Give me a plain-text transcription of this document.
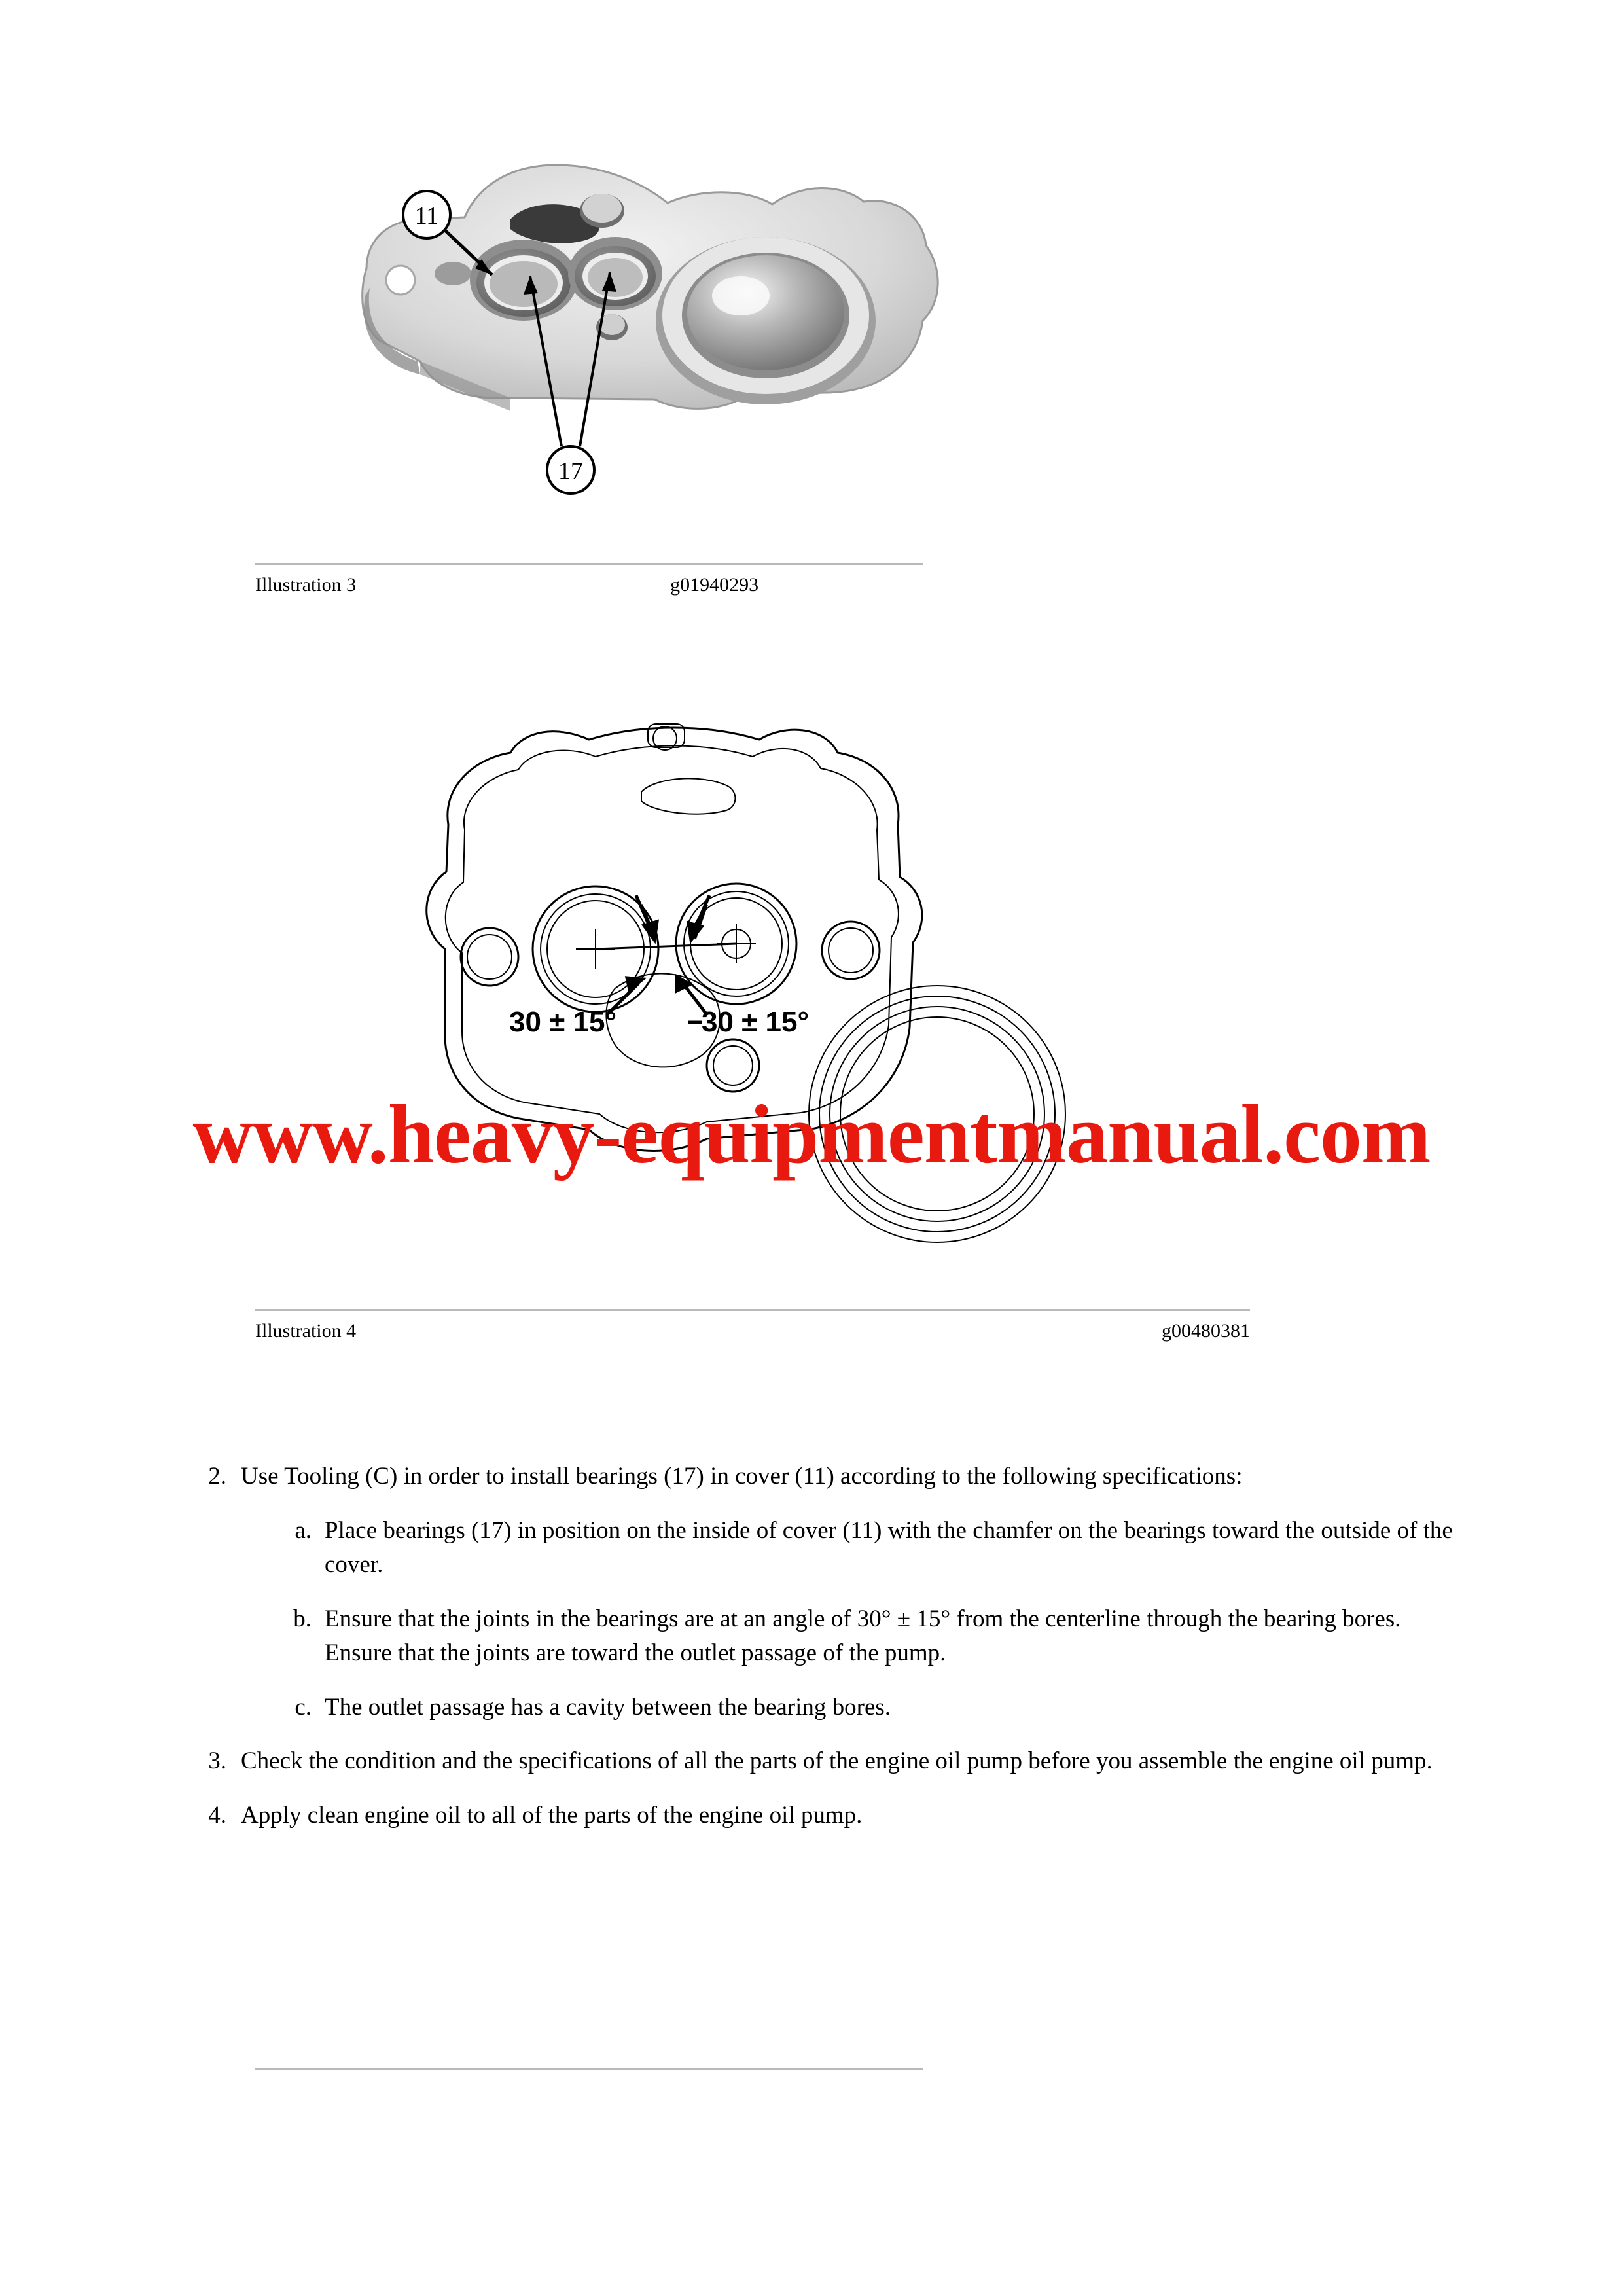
11
17
Illustration 3	g01940293
30 ± 15°	30 ± 15°
Illustration 4	g00480381
www.heavy-equipmentmanual.com
2. Use Tooling (C) in order to install bearings (17) in cover (11) according to the following specifications:
a. Place bearings (17) in position on the inside of cover (11) with the chamfer on the bearings toward the outside of the cover.
b. Ensure that the joints in the bearings are at an angle of 30° ± 15° from the centerline through the bearing bores. Ensure that the joints are toward the outlet passage of the pump.
c. The outlet passage has a cavity between the bearing bores.
3. Check the condition and the specifications of all the parts of the engine oil pump before you assemble the engine oil pump.
4. Apply clean engine oil to all of the parts of the engine oil pump.
